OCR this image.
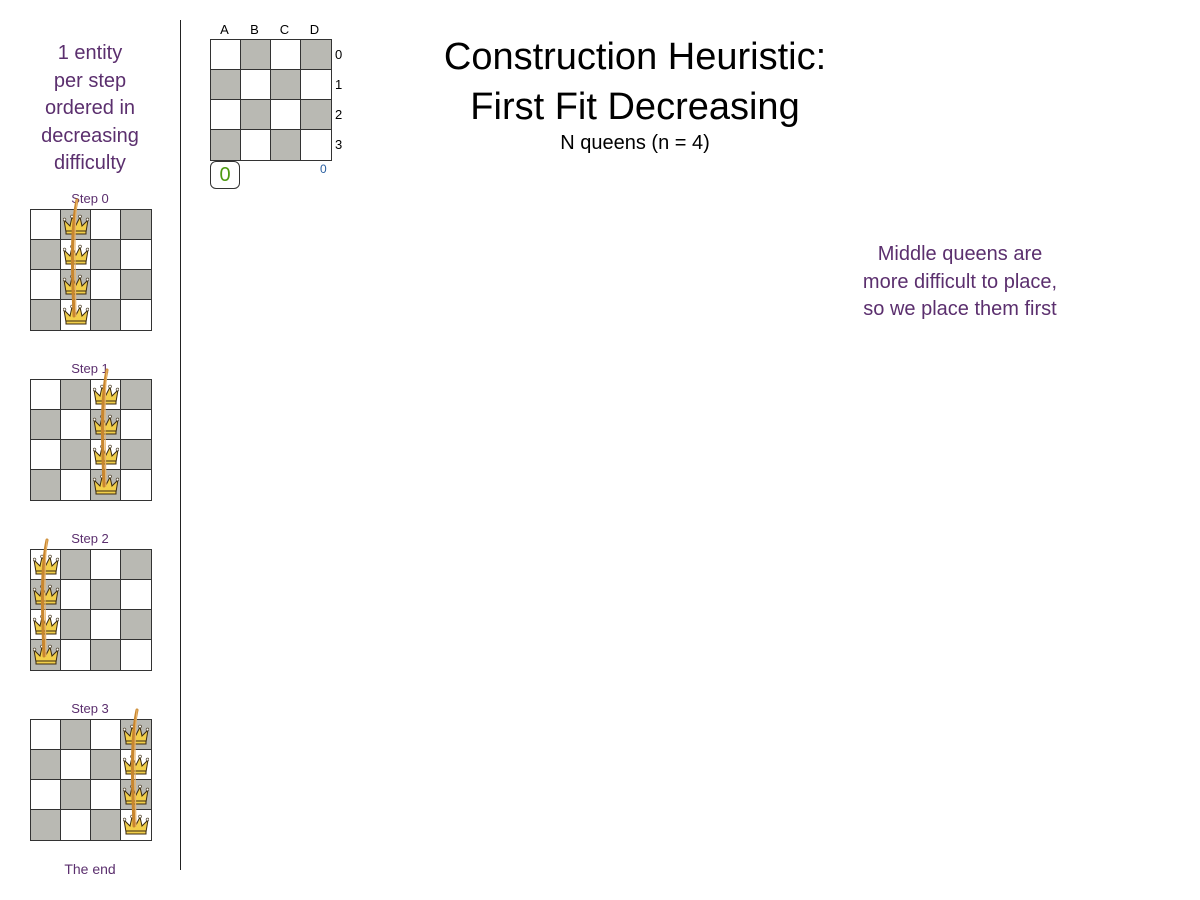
1 entity
per step
ordered in
decreasing
difficulty
Step 0
Step 1
Step 2
Step 3
The end
A	B	C	D
0
1
2
3
0	0
Construction Heuristic:
First Fit Decreasing
N queens (n = 4)
Middle queens are
more difficult to place,
so we place them first
